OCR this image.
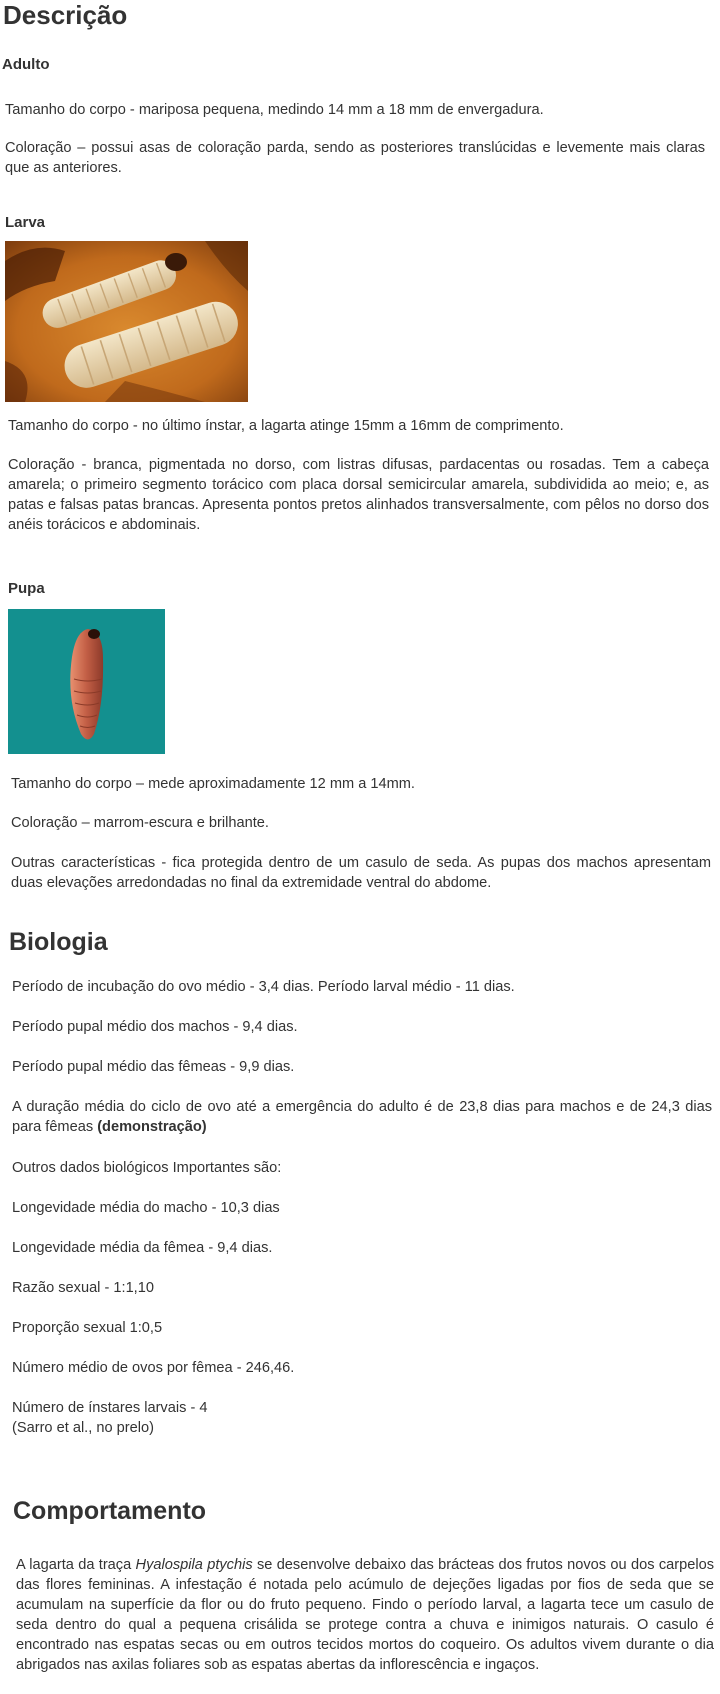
Descrição
Adulto

Tamanho do corpo - mariposa pequena, medindo 14 mm a 18 mm de envergadura.

Coloração – possui asas de coloração parda, sendo as posteriores translúcidas e levemente mais claras que as anteriores.

Larva

Tamanho do corpo - no último ínstar, a lagarta atinge 15mm a 16mm de comprimento.

Coloração - branca, pigmentada no dorso, com listras difusas, pardacentas ou rosadas. Tem a cabeça amarela; o primeiro segmento torácico com placa dorsal semicircular amarela, subdividida ao meio; e, as patas e falsas patas brancas. Apresenta pontos pretos alinhados transversalmente, com pêlos no dorso dos anéis torácicos e abdominais.

Pupa

Tamanho do corpo – mede aproximadamente 12 mm a 14mm.

Coloração – marrom-escura e brilhante.

Outras características - fica protegida dentro de um casulo de seda. As pupas dos machos apresentam duas elevações arredondadas no final da extremidade ventral do abdome.

Biologia

Período de incubação do ovo médio - 3,4 dias. Período larval médio - 11 dias.

Período pupal médio dos machos - 9,4 dias.

Período pupal médio das fêmeas - 9,9 dias.

A duração média do ciclo de ovo até a emergência do adulto é de 23,8 dias para machos e de 24,3 dias para fêmeas (demonstração)

Outros dados biológicos Importantes são:

Longevidade média do macho - 10,3 dias

Longevidade média da fêmea - 9,4 dias.

Razão sexual - 1:1,10

Proporção sexual 1:0,5

Número médio de ovos por fêmea - 246,46.

Número de ínstares larvais - 4

(Sarro et al., no prelo)

Comportamento

A lagarta da traça Hyalospila ptychis se desenvolve debaixo das brácteas dos frutos novos ou dos carpelos das flores femininas. A infestação é notada pelo acúmulo de dejeções ligadas por fios de seda que se acumulam na superfície da flor ou do fruto pequeno. Findo o período larval, a lagarta tece um casulo de seda dentro do qual a pequena crisálida se protege contra a chuva e inimigos naturais. O casulo é encontrado nas espatas secas ou em outros tecidos mortos do coqueiro. Os adultos vivem durante o dia abrigados nas axilas foliares sob as espatas abertas da inflorescência e ingaços.
